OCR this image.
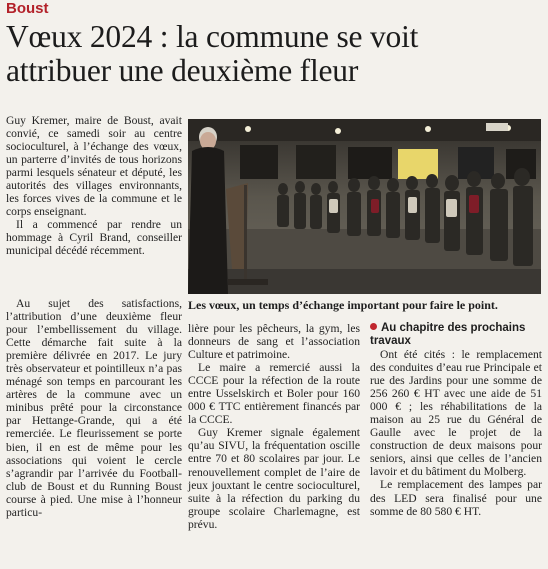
Boust
Vœux 2024 : la commune se voit
attribuer une deuxième fleur

Guy Kremer, maire de Boust, avait convié, ce samedi soir au centre socioculturel, à l’échange des vœux, un parterre d’invités de tous horizons parmi lesquels sénateur et député, les autorités des villages environnants, les forces vives de la commune et le corps enseignant.

Il a commencé par rendre un hommage à Cyril Brand, conseiller municipal décédé récemment.

Les vœux, un temps d’échange important pour faire le point.

Au sujet des satisfactions, l’attribution d’une deuxième fleur pour l’embellissement du village. Cette démarche fait suite à la première délivrée en 2017. Le jury très observateur et pointilleux n’a pas ménagé son temps en parcourant les artères de la commune avec un minibus prêté pour la circonstance par Hettange-Grande, qui a été remerciée. Le fleurissement se porte bien, il en est de même pour les associations qui voient le cercle s’agrandir par l’arrivée du Football-club de Boust et du Running Boust course à pied. Une mise à l’honneur particu-

lière pour les pêcheurs, la gym, les donneurs de sang et l’association Culture et patrimoine.

Le maire a remercié aussi la CCCE pour la réfection de la route entre Usselskirch et Boler pour 160 000 € TTC entièrement financés par la CCCE.

Guy Kremer signale également qu’au SIVU, la fréquentation oscille entre 70 et 80 scolaires par jour. Le renouvellement complet de l’aire de jeux jouxtant le centre socioculturel, suite à la réfection du parking du groupe scolaire Charlemagne, est prévu.

Au chapitre des prochains travaux

Ont été cités : le remplacement des conduites d’eau rue Principale et rue des Jardins pour une somme de 256 260 € HT avec une aide de 51 000 € ; les réhabilitations de la maison au 25 rue du Général de Gaulle avec le projet de la construction de deux maisons pour seniors, ainsi que celles de l’ancien lavoir et du bâtiment du Molberg.

Le remplacement des lampes par des LED sera finalisé pour une somme de 80 580 € HT.
